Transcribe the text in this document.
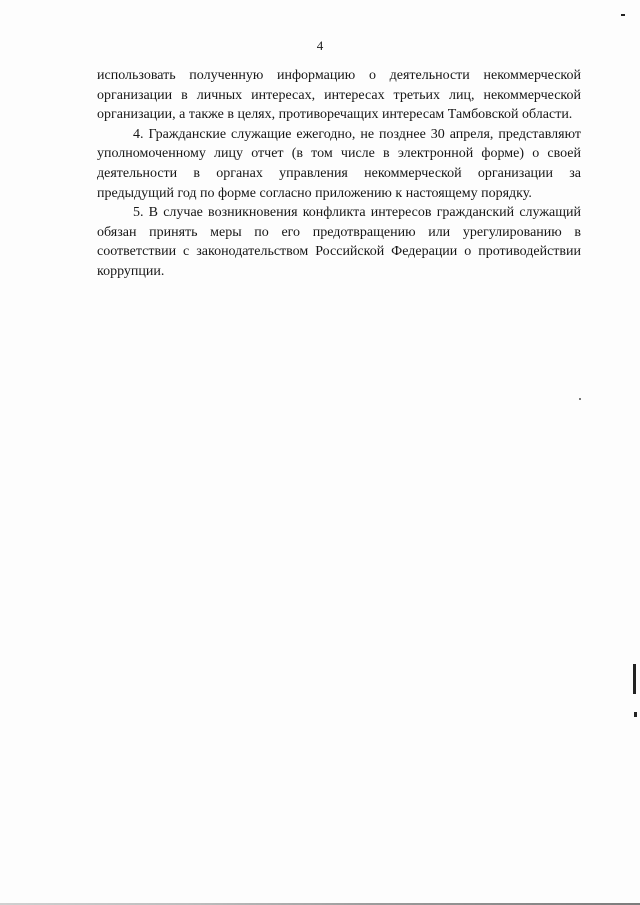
4

использовать полученную информацию о деятельности некоммерческой организации в личных интересах, интересах третьих лиц, некоммерческой организации, а также в целях, противоречащих интересам Тамбовской области.

4. Гражданские служащие ежегодно, не позднее 30 апреля, представляют уполномоченному лицу отчет (в том числе в электронной форме) о своей деятельности в органах управления некоммерческой организации за предыдущий год по форме согласно приложению к настоящему порядку.

5. В случае возникновения конфликта интересов гражданский служащий обязан принять меры по его предотвращению или урегулированию в соответствии с законодательством Российской Федерации о противодействии коррупции.
